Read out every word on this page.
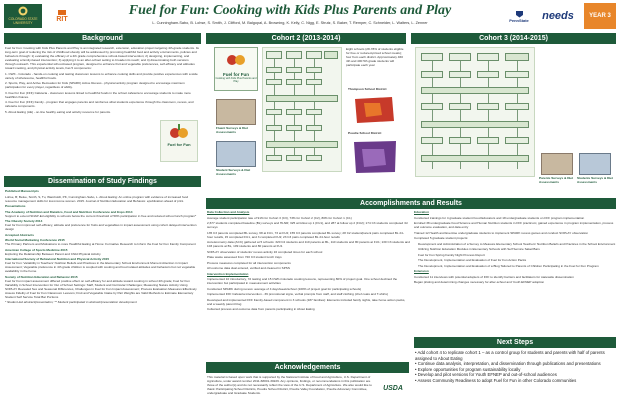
COLORADO STATE UNIVERSITY	RIT
Fuel for Fun: Cooking with Kids Plus Parents and Play
L. Cunningham-Sabo, B. Lohse, S. Smith, J. Clifford, M. Balgopal, A. Browning, K. Kelly, C. Nigg, E. Strutz, S. Baker, T. Remper, C. Schneider, L. Walters, L. Zenner
PennState needs	YEAR 3
Background

Fuel for Fun: Cooking with Kids Plus Parents and Play is an integrated research, extension, education project targeting 4th-grade students. Its long-term goal of reducing the risk of childhood obesity will be addressed by promoting healthful food and activity environments, policies and behaviors through: 1) evaluating the efficacy of a 4th grade comprehensive school-based intervention; 2) designing, implementing, and evaluating a family-based intervention; 3) applying it to an after-school setting to broaden its reach; and 4) disseminating both versions through outreach. This experiential school-based program, designed to enhance fruit and vegetable preferences, self-efficacy and attitudes toward cooking, and physical activity levels, has 5 components:

1. CWK - Colorado - hands-on cooking and tasting classroom lessons to enhance cooking skills and provide positive experiences with a wide variety of wholesome, healthful foods.

2. Sports, Play, and Active Recreation for Kids (SPARK) Active Recess - physical activity program designed to encourage maximum participation for every player, regardless of ability.

3. Fuel for Fun (FFF) Cafeteria - classroom lessons linked to healthful foods in the school cafeteria to encourage students to make more healthful choices.

4. Fuel for Fun (FFF) Family - program that engages parents and reinforces what students experience through the classroom, recess, and cafeteria components.

5. About Eating (AE) - on-line healthy eating and activity resource for parents.

Fuel for Fun
Dissemination of Study Findings

Published Manuscripts

Lohse, B; Belue, Smith, S, Tu, Wamboldt, PK, Cunningham-Sabo, L. About Eating: An online program with evidence of increased food resource management skills for low-income women. 2015. Journal of Nutrition Education and Behavior. epublication ahead of print.

Presentations

The Academy of Nutrition and Dietetics, Food and Nutrition Conference and Expo 2014
Support to extend SNAP-Ed eligibility to schools below the current threshold of 50% participation in free and reduced school lunch program*

The Obesity Society 2014
Fuel for Fun improved self-efficacy, attitude and preference for fruits and vegetables in impact assessment using cohort delayed intervention design

Accepted Abstracts

World Social Marketing Conference 2015
The Primary Partners and Motivations to more Healthful Eating at Home: Formative Research to Inform the Fuel for Fun Family Component

American College of Sports Medicine 2015
Exploring the Relationship Between Parent and Child Physical Activity

International Society of Behavioral Nutrition and Physical Activity 2015
Fuel for Fun: Variability in Teachers' Nutrition Beliefs and Practices in the Elementary School Environment Moment Attention in Impact Assessment; Vegetable preference in 4th grade children is coupled with cooking and food related attitudes and behaviors but not vegetable availability in the home

Society of Nutrition Education and Behavior 2015
Fuel for Fun impact assessment differed positive effect on self-efficacy for and attitude toward cooking in school 4th grade; Fuel for Fun Variability in School Intervention for Out of School Settings: Staff, Student and Curricular Challenges; Measuring Nature Activity Using SOPLAY Revealed Sex and Seasonal Differences, Challenges in Fuel for Fun Impact Assessment; Process Evaluation Measures Effectively Assess Fidelity of Fuel for Fun Classroom Lessons; Fruit and Vegetable Intake by Pair Weights are Valid Methods to Estimate Elementary Student Self Service Total Bar Portions

* Student-led abstract/presentation; ** Student participated in abstract/presentation development

Cohort 2 (2013-2014)
Fuel for Fun
Cooking with Kids Plus Parents and Play
Fluent Surveys & Diet Assessments
Student Surveys & Diet Assessments
Eight schools (28-78% of students eligible for free or reduced-priced school meals); four from each district. Approximately 460 4th and 400 5th grade students will participate each year
Thompson School District
Poudre School District
Cohort 3 (2014-2015)
Parents Surveys & Diet Assessments
Students Surveys & Diet Assessments
Accomplishments and Results

Data Collection and Analysis

Average student participation rate of 91% for Cohort 3 (C3), 73% for Cohort 2 (C2), 80% for Cohort 1 (C1)

2,677 students completed baseline (BL) surveys and HLNR; 325 at follow up 1 (FU1), and 287 at follow up 2 (FU2); 174 C3 students completed 3d surveys

135 C3 parents completed BL survey, 68 at FU1, 73 at FU2; 155 C3 parents completed BL survey; 28 C2 student/parent pairs completed BL 24-hour recalls, 15 completed FU1, and 3 completed FU2; 23 C3 pairs completed BL 24-hour recalls

Accelerometry data (ACC) gathered at 5 schools: 320 C2 students and 110 parents at BL, 110 students and 80 parents at FU1; 130 C3 students and 103 parents at BL, 109 students and 80 parents at FU1

SOPLAY observation of students' recess activity 16 completed times for each school

Plate waste assessed from 720 C3 student lunch trays

Process measures completed for all intervention components

All outcome data dual entered, verified and cleaned in SPSS

Intervention Implementation

Implemented 10 introductory, 7d tasting and 15 CWK-Colorado cooking lessons, representing 80% of project goal. One school declined the intervention but participated in measurement activities

Conducted SPARK during recess: average of 4 days/week/school (100% of project goal for participating schools)

Implemented FFF Cafeteria intervention - 39 promotional signs, verbal prompts from staff, and staff clothing (chef coats and T-shirts)

Developed and implemented FFF Family-based component in 3 schools (187 families): Elements included family nights, take home action packs, and a weekly parent blog

Collected process and outcome data from parents participating in About Eating

Education

Conducted trainings for 4 graduate student Food Educators and 18 undergraduate students on FFF program implementation

Enrolled 38 undergraduate Food Science and Human Nutrition students in FFF practicum; gained experience in program implementation, process and outcome evaluation, and data entry

Trained 12 Health and Exercise undergraduate students to implement SPARK recess games and conduct SOPLAY observation

Completed 5 graduate student projects:

Development and Administration of a Survey to Measure Elementary School Teachers' Nutrition Beliefs and Practices in the School Environment

Utilizing Nutrition Education Modules in Elementary Schools with Self Service Salad Bars

Fuel for Fun Spring Family Night Process Report

The Development, Implementation and Evaluation of Fuel for Fun Action Packs

The Development, Implementation and Evaluation of a Blog Tailored to Parents of Children Participating in the Fuel for Fun Program

Extension

Conducted 11 interviews with potential adopters of FFF to identify barriers and facilitators for statewide dissemination

Began piloting and determining changes necessary for after-school and Youth EFNEP adoption

Acknowledgements
This material is based upon work that is supported by the National Institute of Food and Agriculture, U.S. Department of Agriculture, under award number 2011-68001-30229. Any opinions, findings, or recommendations in this publication are those of the author(s) and do not necessarily reflect the view of the U.S. Department of Agriculture. We also would like to thank: Participating School Districts, Poudre School District, Poudre Valley Foundation, Poudre Advocacy Committee, undergraduate and Graduate Students.
USDA
Next Steps
• Add cohort 4 to replicate cohort 1 – as a control group for students and parents with half of parents assigned to About Eating
• Continue data analysis, interpretation, and dissemination through publications and presentations
• Explore opportunities for program sustainability locally
• Develop and pilot versions for Youth EFNEP and out-of-school audiences
• Assess Community Readiness to adopt Fuel for Fun in other Colorado communities
